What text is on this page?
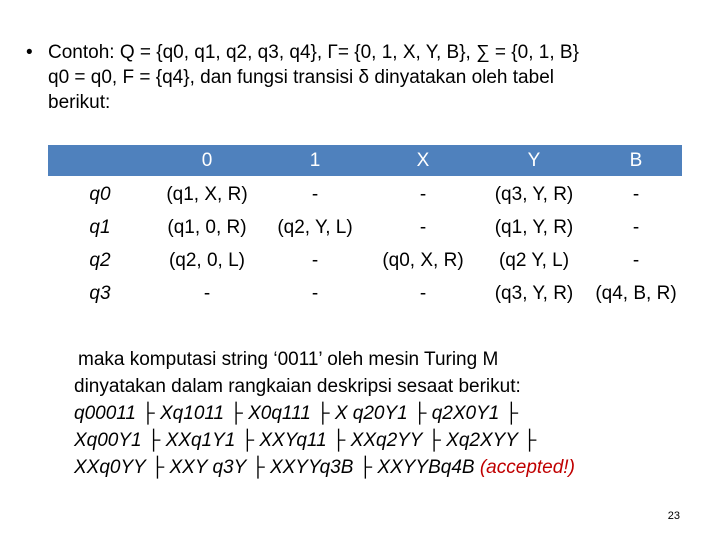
• Contoh: Q = {q0, q1, q2, q3, q4}, Γ= {0, 1, X, Y, B}, ∑ = {0, 1, B}

q0 = q0, F = {q4}, dan fungsi transisi δ dinyatakan oleh tabel

berikut:

	0	1	X	Y	B
q0	(q1, X, R)	-	-	(q3, Y, R)	-
q1	(q1, 0, R)	(q2, Y, L)	-	(q1, Y, R)	-
q2	(q2, 0, L)	-	(q0, X, R)	(q2 Y, L)	-
q3	-	-	-	(q3, Y, R)	(q4, B, R)

maka komputasi string ‘0011’ oleh mesin Turing M

dinyatakan dalam rangkaian deskripsi sesaat berikut:

q00011 ├ Xq1011 ├ X0q111 ├ X q20Y1 ├ q2X0Y1 ├

Xq00Y1 ├ XXq1Y1 ├ XXYq11 ├ XXq2YY ├ Xq2XYY ├

XXq0YY ├ XXY q3Y ├ XXYYq3B ├ XXYYBq4B (accepted!)

23
